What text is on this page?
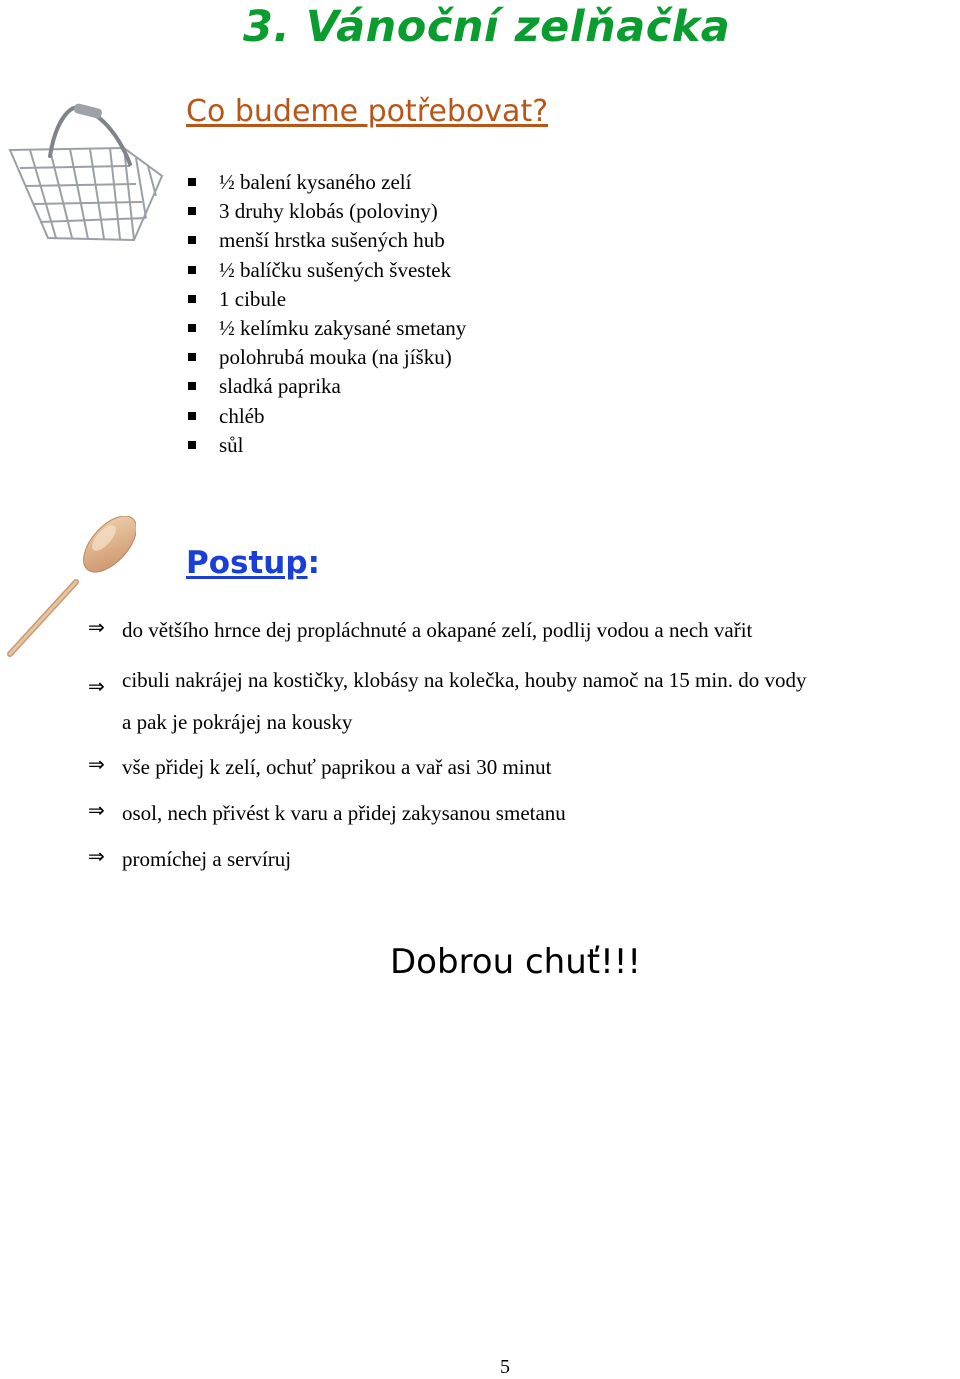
3. Vánoční zelňačka
Co budeme potřebovat?
½ balení kysaného zelí
3 druhy klobás (poloviny)
menší hrstka sušených hub
½ balíčku sušených švestek
1 cibule
½ kelímku zakysané smetany
polohrubá mouka (na jíšku)
sladká paprika
chléb
sůl
Postup:
⇒ do většího hrnce dej propláchnuté a okapané zelí, podlij vodou a nech vařit
⇒ cibuli nakrájej na kostičky, klobásy na kolečka, houby namoč na 15 min. do vody
a pak je pokrájej na kousky
⇒ vše přidej k zelí, ochuť paprikou a vař asi 30 minut
⇒ osol, nech přivést k varu a přidej zakysanou smetanu
⇒ promíchej a servíruj
Dobrou chuť!!!
5
